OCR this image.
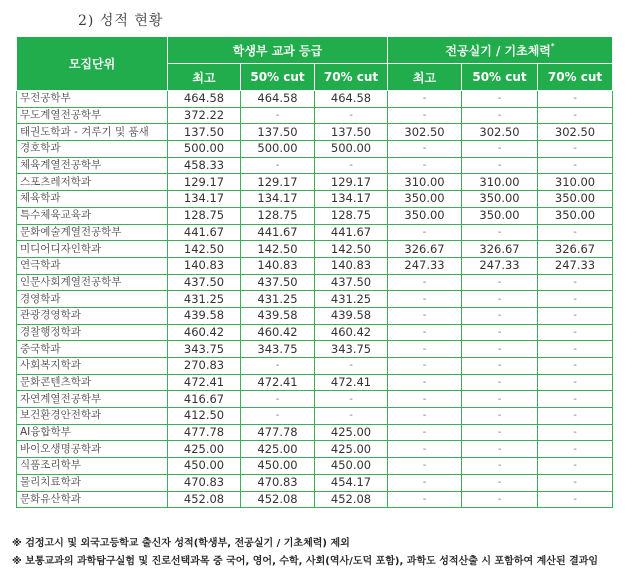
2) 성적 현황
모집단위	학생부 교과 등급			전공실기 / 기초체력*
	최고	50% cut	70% cut	최고	50% cut	70% cut
무전공학부	464.58	464.58	464.58	-	-	-
무도계열전공학부	372.22	-	-	-	-	-
태권도학과 - 겨루기 및 품새	137.50	137.50	137.50	302.50	302.50	302.50
경호학과	500.00	500.00	500.00	-	-	-
체육계열전공학부	458.33	-	-	-	-	-
스포츠레저학과	129.17	129.17	129.17	310.00	310.00	310.00
체육학과	134.17	134.17	134.17	350.00	350.00	350.00
특수체육교육과	128.75	128.75	128.75	350.00	350.00	350.00
문화예술계열전공학부	441.67	441.67	441.67	-	-	-
미디어디자인학과	142.50	142.50	142.50	326.67	326.67	326.67
연극학과	140.83	140.83	140.83	247.33	247.33	247.33
인문사회계열전공학부	437.50	437.50	437.50	-	-	-
경영학과	431.25	431.25	431.25	-	-	-
관광경영학과	439.58	439.58	439.58	-	-	-
경찰행정학과	460.42	460.42	460.42	-	-	-
중국학과	343.75	343.75	343.75	-	-	-
사회복지학과	270.83	-	-	-	-	-
문화콘텐츠학과	472.41	472.41	472.41	-	-	-
자연계열전공학부	416.67	-	-	-	-	-
보건환경안전학과	412.50	-	-	-	-	-
AI융합학부	477.78	477.78	425.00	-	-	-
바이오생명공학과	425.00	425.00	425.00	-	-	-
식품조리학부	450.00	450.00	450.00	-	-	-
물리치료학과	470.83	470.83	454.17	-	-	-
문화유산학과	452.08	452.08	452.08	-	-	-
※ 검정고시 및 외국고등학교 출신자 성적(학생부, 전공실기 / 기초체력) 제외
※ 보통교과의 과학탐구실험 및 진로선택과목 중 국어, 영어, 수학, 사회(역사/도덕 포함), 과학도 성적산출 시 포함하여 계산된 결과임
